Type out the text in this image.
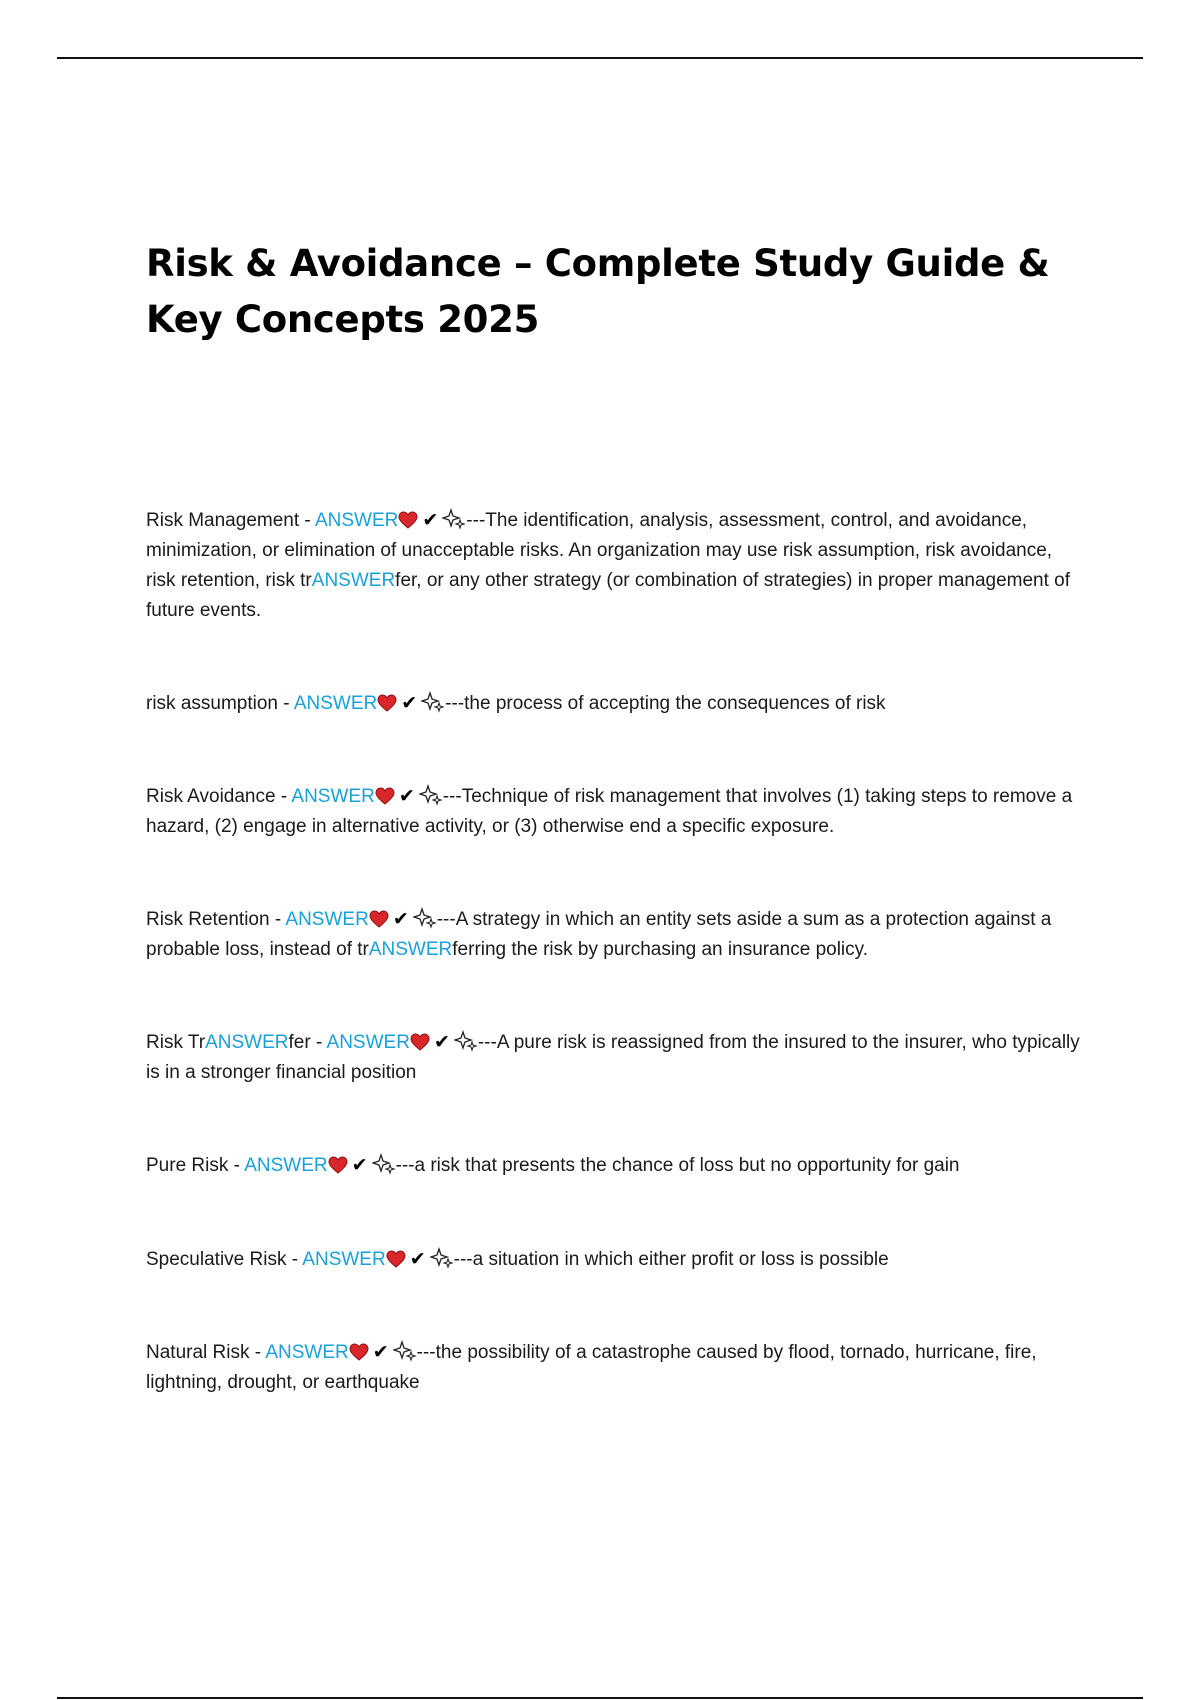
Risk & Avoidance – Complete Study Guide & Key Concepts 2025

Risk Management - ANSWER ✔ ---The identification, analysis, assessment, control, and avoidance, minimization, or elimination of unacceptable risks. An organization may use risk assumption, risk avoidance, risk retention, risk trANSWERfer, or any other strategy (or combination of strategies) in proper management of future events.

risk assumption - ANSWER ✔ ---the process of accepting the consequences of risk

Risk Avoidance - ANSWER ✔ ---Technique of risk management that involves (1) taking steps to remove a hazard, (2) engage in alternative activity, or (3) otherwise end a specific exposure.

Risk Retention - ANSWER ✔ ---A strategy in which an entity sets aside a sum as a protection against a probable loss, instead of trANSWERferring the risk by purchasing an insurance policy.

Risk TrANSWERfer - ANSWER ✔ ---A pure risk is reassigned from the insured to the insurer, who typically is in a stronger financial position

Pure Risk - ANSWER ✔ ---a risk that presents the chance of loss but no opportunity for gain

Speculative Risk - ANSWER ✔ ---a situation in which either profit or loss is possible

Natural Risk - ANSWER ✔ ---the possibility of a catastrophe caused by flood, tornado, hurricane, fire, lightning, drought, or earthquake
